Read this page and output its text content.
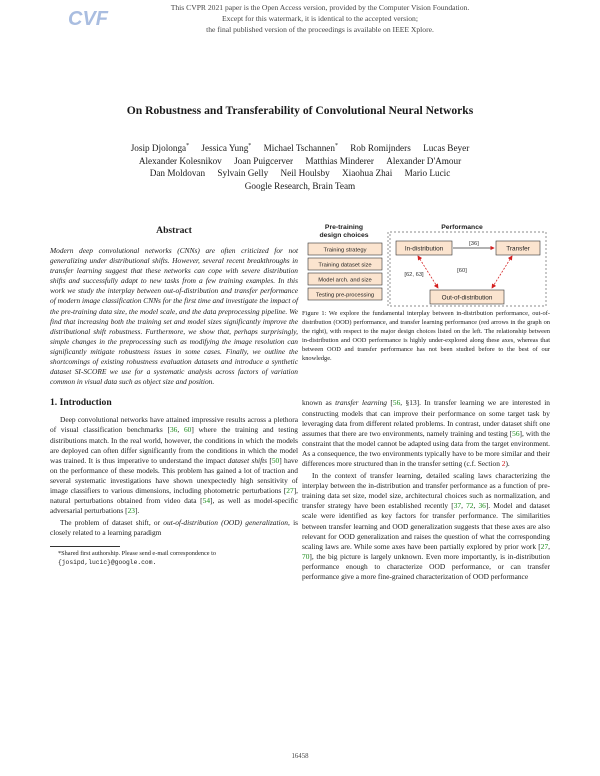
CVF
This CVPR 2021 paper is the Open Access version, provided by the Computer Vision Foundation.
Except for this watermark, it is identical to the accepted version;
the final published version of the proceedings is available on IEEE Xplore.
On Robustness and Transferability of Convolutional Neural Networks
Josip Djolonga* Jessica Yung* Michael Tschannen* Rob Romijnders Lucas Beyer
Alexander Kolesnikov Joan Puigcerver Matthias Minderer Alexander D'Amour
Dan Moldovan Sylvain Gelly Neil Houlsby Xiaohua Zhai Mario Lucic
Google Research, Brain Team
Abstract
Modern deep convolutional networks (CNNs) are often criticized for not generalizing under distributional shifts. However, several recent breakthroughs in transfer learning suggest that these networks can cope with severe distribution shifts and successfully adapt to new tasks from a few training examples. In this work we study the interplay between out-of-distribution and transfer performance of modern image classification CNNs for the first time and investigate the impact of the pre-training data size, the model scale, and the data preprocessing pipeline. We find that increasing both the training set and model sizes significantly improve the distributional shift robustness. Furthermore, we show that, perhaps surprisingly, simple changes in the preprocessing such as modifying the image resolution can significantly mitigate robustness issues in some cases. Finally, we outline the shortcomings of existing robustness evaluation datasets and introduce a synthetic dataset SI-SCORE we use for a systematic analysis across factors of variation common in visual data such as object size and position.
1. Introduction

Deep convolutional networks have attained impressive results across a plethora of visual classification benchmarks [36, 60] where the training and testing distributions match. In the real world, however, the conditions in which the models are deployed can often differ significantly from the conditions in which the model was trained. It is thus imperative to understand the impact dataset shifts [50] have on the performance of these models. This problem has gained a lot of traction and several systematic investigations have shown unexpectedly high sensitivity of image classifiers to various dimensions, including photometric perturbations [27], natural perturbations obtained from video data [54], as well as model-specific adversarial perturbations [23].

The problem of dataset shift, or out-of-distribution (OOD) generalization, is closely related to a learning paradigm

*Shared first authorship. Please send e-mail correspondence to
{josipd,lucic}@google.com.
Pre-training design choices
Performance
Training strategy
Training dataset size
Model arch. and size
Testing pre-processing
In-distribution	Transfer
Out-of-distribution
[36]
[62, 63]
[60]
Figure 1: We explore the fundamental interplay between in-distribution performance, out-of-distribution (OOD) performance, and transfer learning performance (red arrows in the graph on the right), with respect to the major design choices listed on the left. The relationship between in-distribution and OOD performance is highly under-explored along these axes, whereas that between OOD and transfer performance has not been studied before to the best of our knowledge.

known as transfer learning [56, §13]. In transfer learning we are interested in constructing models that can improve their performance on some target task by leveraging data from different related problems. In contrast, under dataset shift one assumes that there are two environments, namely training and testing [56], with the constraint that the model cannot be adapted using data from the target environment. As a consequence, the two environments typically have to be more similar and their differences more structured than in the transfer setting (c.f. Section 2).

In the context of transfer learning, detailed scaling laws characterizing the interplay between the in-distribution and transfer performance as a function of pre-training data set size, model size, architectural choices such as normalization, and transfer strategy have been established recently [37, 72, 36]. Model and dataset scale were identified as key factors for transfer performance. The similarities between transfer learning and OOD generalization suggests that these axes are also relevant for OOD generalization and raises the question of what the corresponding scaling laws are. While some axes have been partially explored by prior work [27, 70], the big picture is largely unknown. Even more importantly, is in-distribution performance enough to characterize OOD performance, or can transfer performance give a more fine-grained characterization of OOD performance

16458
